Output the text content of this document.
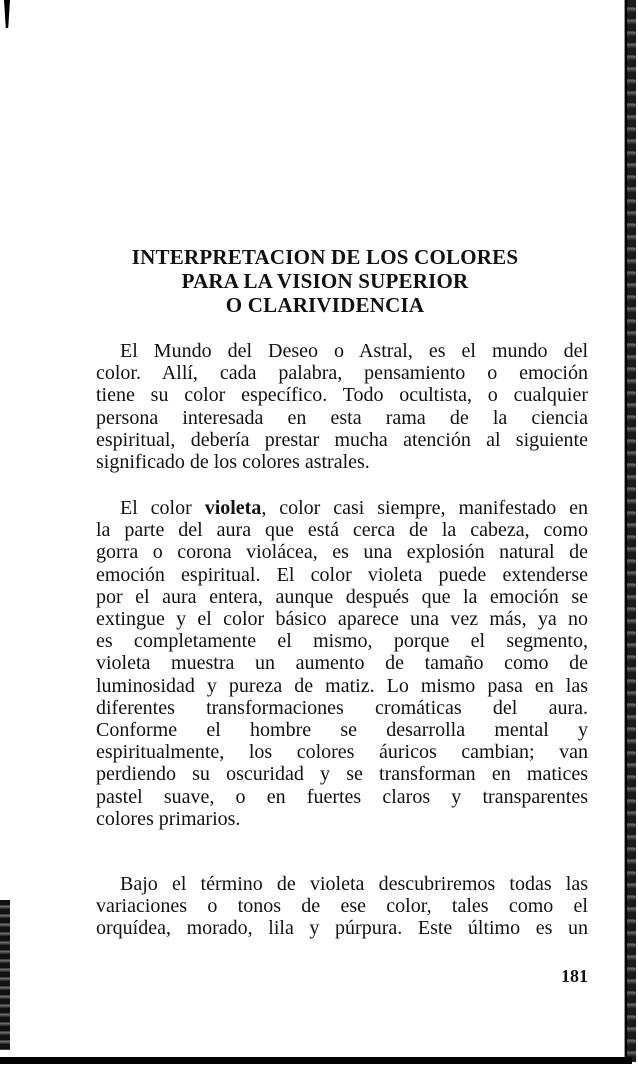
INTERPRETACION DE LOS COLORES
PARA LA VISION SUPERIOR
O CLARIVIDENCIA
El Mundo del Deseo o Astral, es el mundo del
color. Allí, cada palabra, pensamiento o emoción
tiene su color específico. Todo ocultista, o cualquier
persona interesada en esta rama de la ciencia
espiritual, debería prestar mucha atención al siguiente
significado de los colores astrales.
El color violeta, color casi siempre, manifestado en
la parte del aura que está cerca de la cabeza, como
gorra o corona violácea, es una explosión natural de
emoción espiritual. El color violeta puede extenderse
por el aura entera, aunque después que la emoción se
extingue y el color básico aparece una vez más, ya no
es completamente el mismo, porque el segmento,
violeta muestra un aumento de tamaño como de
luminosidad y pureza de matiz. Lo mismo pasa en las
diferentes transformaciones cromáticas del aura.
Conforme el hombre se desarrolla mental y
espiritualmente, los colores áuricos cambian; van
perdiendo su oscuridad y se transforman en matices
pastel suave, o en fuertes claros y transparentes
colores primarios.
Bajo el término de violeta descubriremos todas las
variaciones o tonos de ese color, tales como el
orquídea, morado, lila y púrpura. Este último es un
181
